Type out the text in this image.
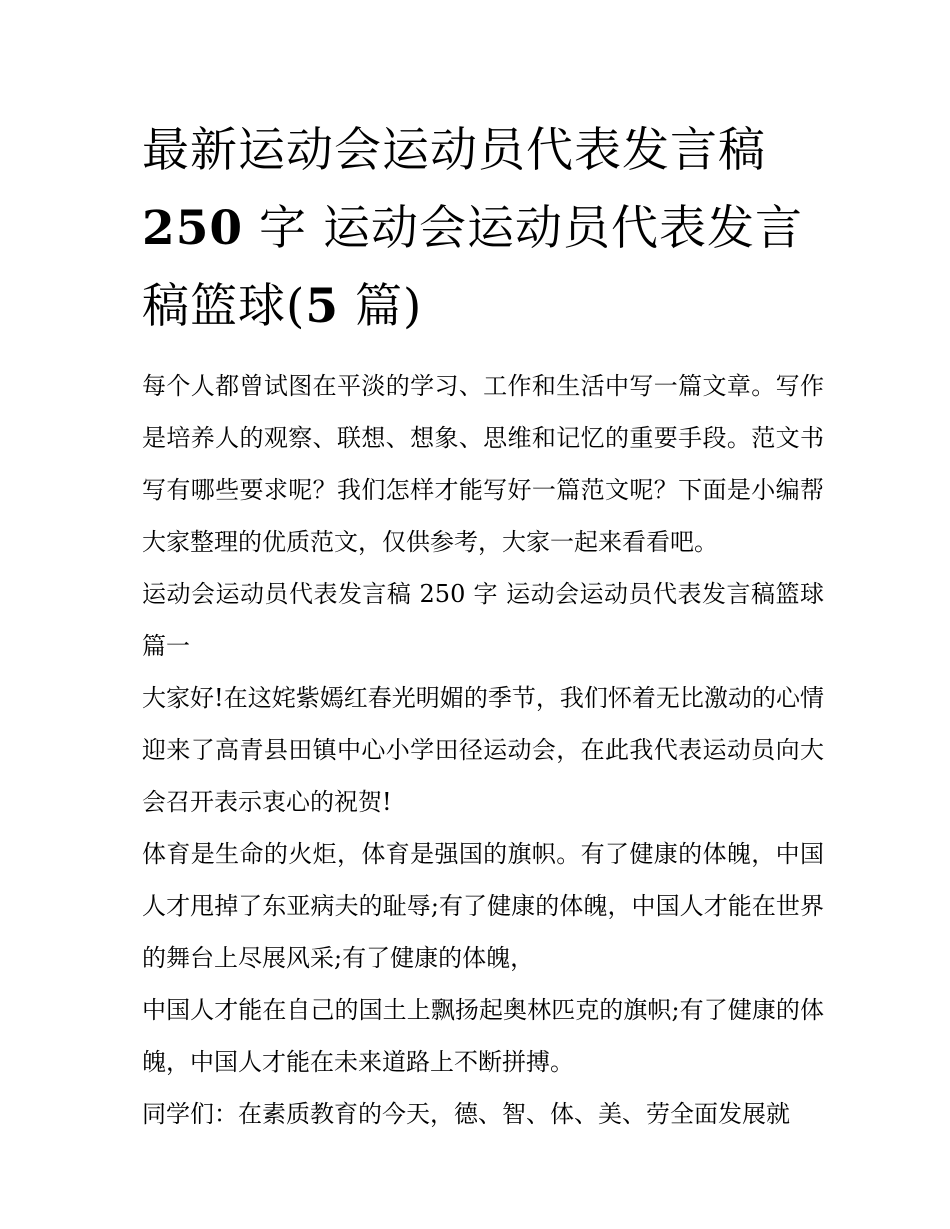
最新运动会运动员代表发言稿
250 字 运动会运动员代表发言
稿篮球(5 篇)

每个人都曾试图在平淡的学习、工作和生活中写一篇文章。写作是培养人的观察、联想、想象、思维和记忆的重要手段。范文书写有哪些要求呢？我们怎样才能写好一篇范文呢？下面是小编帮大家整理的优质范文，仅供参考，大家一起来看看吧。

运动会运动员代表发言稿 250 字 运动会运动员代表发言稿篮球篇一

大家好!在这姹紫嫣红春光明媚的季节，我们怀着无比激动的心情迎来了高青县田镇中心小学田径运动会，在此我代表运动员向大会召开表示衷心的祝贺!

体育是生命的火炬，体育是强国的旗帜。有了健康的体魄，中国人才甩掉了东亚病夫的耻辱;有了健康的体魄，中国人才能在世界的舞台上尽展风采;有了健康的体魄，

中国人才能在自己的国土上飘扬起奥林匹克的旗帜;有了健康的体魄，中国人才能在未来道路上不断拼搏。

同学们：在素质教育的今天，德、智、体、美、劳全面发展就
